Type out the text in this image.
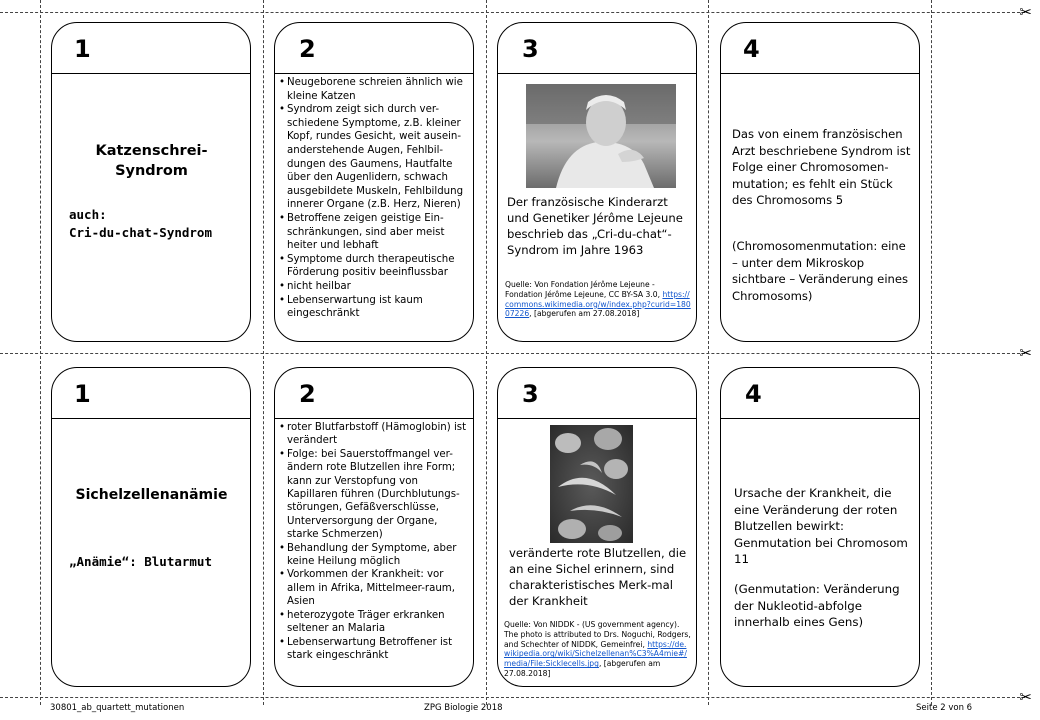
✂
✂
✂
1
Katzenschrei-
Syndrom
auch:
Cri-du-chat-Syndrom
2
• Neugeborene schreien ähnlich wie kleine Katzen
• Syndrom zeigt sich durch ver-schiedene Symptome, z.B. kleiner Kopf, rundes Gesicht, weit ausein-anderstehende Augen, Fehlbil-dungen des Gaumens, Hautfalte über den Augenlidern, schwach ausgebildete Muskeln, Fehlbildung innerer Organe (z.B. Herz, Nieren)
• Betroffene zeigen geistige Ein-schränkungen, sind aber meist heiter und lebhaft
• Symptome durch therapeutische Förderung positiv beeinflussbar
• nicht heilbar
• Lebenserwartung ist kaum eingeschränkt
3
Der französische Kinderarzt und Genetiker Jérôme Lejeune beschrieb das „Cri-du-chat“-Syndrom im Jahre 1963
Quelle: Von Fondation Jérôme Lejeune - Fondation Jérôme Lejeune, CC BY-SA 3.0, https://commons.wikimedia.org/w/index.php?curid=18007226, [abgerufen am 27.08.2018]
4
Das von einem französischen Arzt beschriebene Syndrom ist Folge einer Chromosomen-mutation; es fehlt ein Stück des Chromosoms 5
(Chromosomenmutation: eine – unter dem Mikroskop sichtbare – Veränderung eines Chromosoms)
1
Sichelzellenanämie
„Anämie“: Blutarmut
2
• roter Blutfarbstoff (Hämoglobin) ist verändert
• Folge: bei Sauerstoffmangel ver-ändern rote Blutzellen ihre Form; kann zur Verstopfung von Kapillaren führen (Durchblutungs-störungen, Gefäßverschlüsse, Unterversorgung der Organe, starke Schmerzen)
• Behandlung der Symptome, aber keine Heilung möglich
• Vorkommen der Krankheit: vor allem in Afrika, Mittelmeer-raum, Asien
• heterozygote Träger erkranken seltener an Malaria
• Lebenserwartung Betroffener ist stark eingeschränkt
3
veränderte rote Blutzellen, die an eine Sichel erinnern, sind charakteristisches Merk-mal der Krankheit
Quelle: Von NIDDK - (US government agency). The photo is attributed to Drs. Noguchi, Rodgers, and Schechter of NIDDK, Gemeinfrei, https://de.wikipedia.org/wiki/Sichelzellenan%C3%A4mie#/media/File:Sicklecells.jpg, [abgerufen am 27.08.2018]
4
Ursache der Krankheit, die eine Veränderung der roten Blutzellen bewirkt: Genmutation bei Chromosom 11
(Genmutation: Veränderung der Nukleotid-abfolge innerhalb eines Gens)
30801_ab_quartett_mutationen	ZPG Biologie 2018	Seite 2 von 6
